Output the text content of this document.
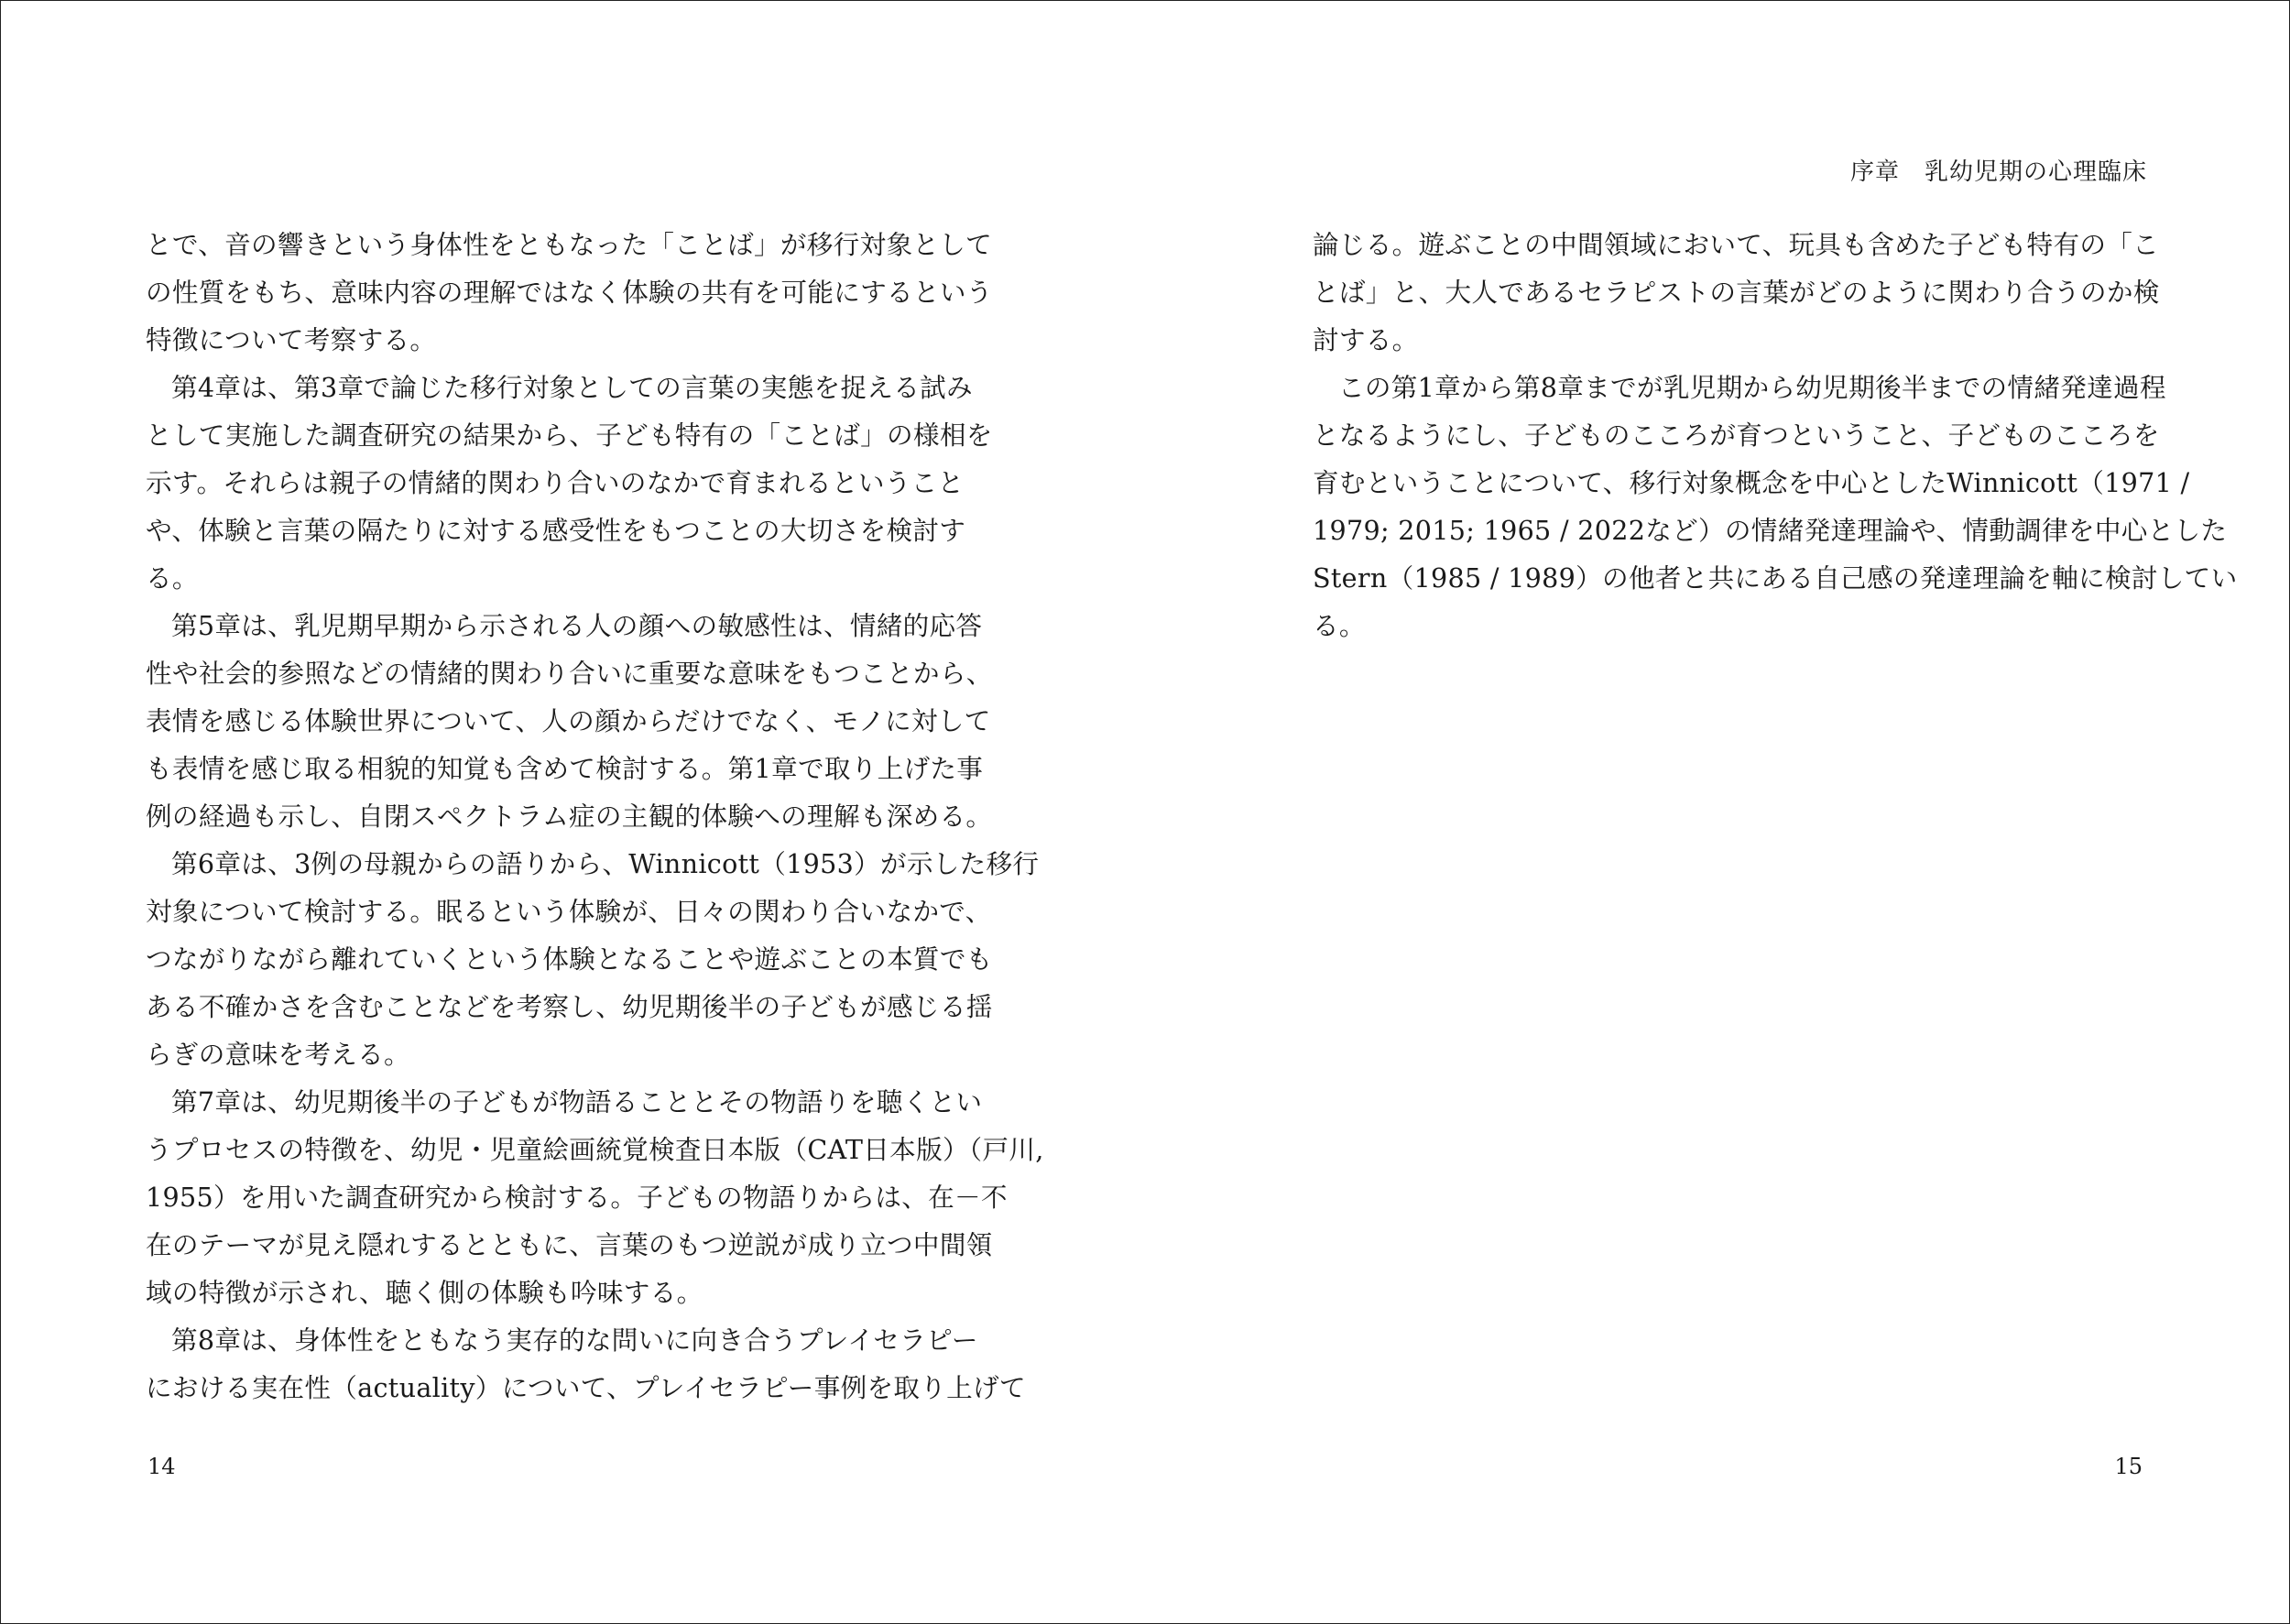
序章　乳幼児期の心理臨床
とで、音の響きという身体性をともなった「ことば」が移行対象として
の性質をもち、意味内容の理解ではなく体験の共有を可能にするという
特徴について考察する。
第4章は、第3章で論じた移行対象としての言葉の実態を捉える試み
として実施した調査研究の結果から、子ども特有の「ことば」の様相を
示す。それらは親子の情緒的関わり合いのなかで育まれるということ
や、体験と言葉の隔たりに対する感受性をもつことの大切さを検討す
る。
第5章は、乳児期早期から示される人の顔への敏感性は、情緒的応答
性や社会的参照などの情緒的関わり合いに重要な意味をもつことから、
表情を感じる体験世界について、人の顔からだけでなく、モノに対して
も表情を感じ取る相貌的知覚も含めて検討する。第1章で取り上げた事
例の経過も示し、自閉スペクトラム症の主観的体験への理解も深める。
第6章は、3例の母親からの語りから、Winnicott（1953）が示した移行
対象について検討する。眠るという体験が、日々の関わり合いなかで、
つながりながら離れていくという体験となることや遊ぶことの本質でも
ある不確かさを含むことなどを考察し、幼児期後半の子どもが感じる揺
らぎの意味を考える。
第7章は、幼児期後半の子どもが物語ることとその物語りを聴くとい
うプロセスの特徴を、幼児・児童絵画統覚検査日本版（CAT日本版）（戸川,
1955）を用いた調査研究から検討する。子どもの物語りからは、在－不
在のテーマが見え隠れするとともに、言葉のもつ逆説が成り立つ中間領
域の特徴が示され、聴く側の体験も吟味する。
第8章は、身体性をともなう実存的な問いに向き合うプレイセラピー
における実在性（actuality）について、プレイセラピー事例を取り上げて
論じる。遊ぶことの中間領域において、玩具も含めた子ども特有の「こ
とば」と、大人であるセラピストの言葉がどのように関わり合うのか検
討する。
この第1章から第8章までが乳児期から幼児期後半までの情緒発達過程
となるようにし、子どものこころが育つということ、子どものこころを
育むということについて、移行対象概念を中心としたWinnicott（1971 /
1979; 2015; 1965 / 2022など）の情緒発達理論や、情動調律を中心とした
Stern（1985 / 1989）の他者と共にある自己感の発達理論を軸に検討してい
る。
14	15
